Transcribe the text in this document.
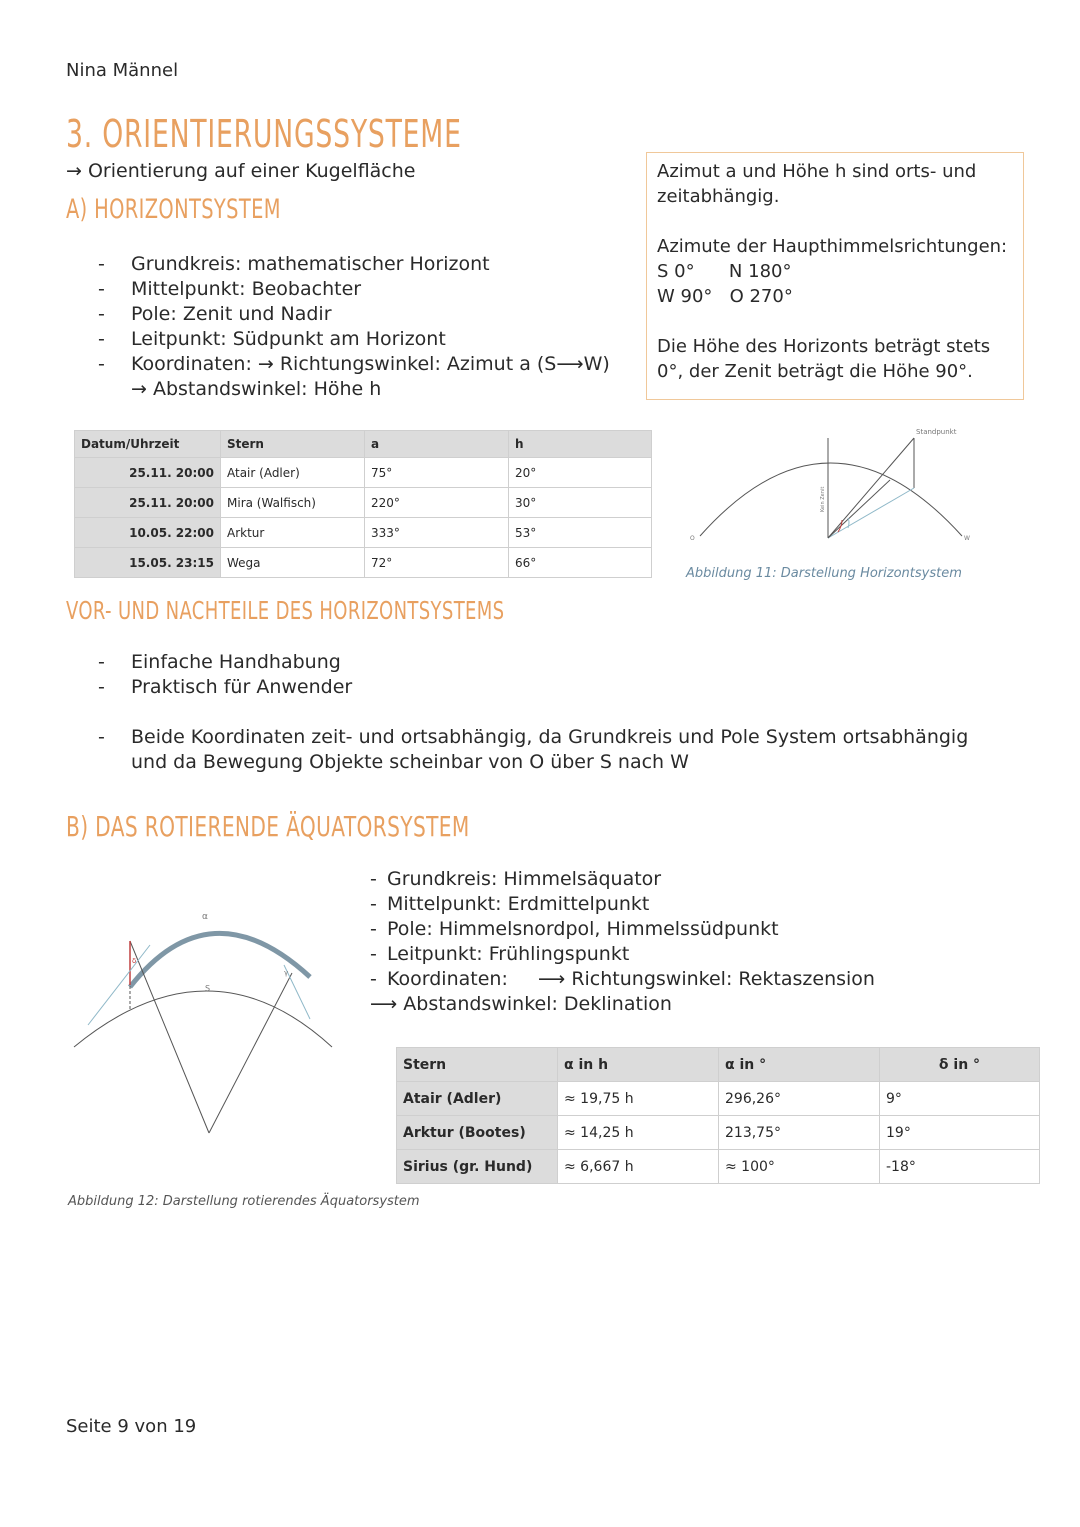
Nina Männel
3. ORIENTIERUNGSSYSTEME
→ Orientierung auf einer Kugelfläche
A) HORIZONTSYSTEM
- Grundkreis: mathematischer Horizont
- Mittelpunkt: Beobachter
- Pole: Zenit und Nadir
- Leitpunkt: Südpunkt am Horizont
- Koordinaten: → Richtungswinkel: Azimut a (S⟶W)
→ Abstandswinkel: Höhe h

Azimut a und Höhe h sind orts- und zeitabhängig.

Azimute der Haupthimmelsrichtungen:
S 0°      N 180°
W 90°   O 270°
Die Höhe des Horizonts beträgt stets 0°, der Zenit beträgt die Höhe 90°.
Datum/Uhrzeit	Stern	a	h
25.11. 20:00	Atair (Adler)	75°	20°
25.11. 20:00	Mira (Walfisch)	220°	30°
10.05. 22:00	Arktur	333°	53°
15.05. 23:15	Wega	72°	66°
Standpunkt
O	W
Kein Zenit
Abbildung 11: Darstellung Horizontsystem
VOR- UND NACHTEILE DES HORIZONTSYSTEMS
- Einfache Handhabung
- Praktisch für Anwender
- Beide Koordinaten zeit- und ortsabhängig, da Grundkreis und Pole System ortsabhängig und da Bewegung Objekte scheinbar von O über S nach W
B) DAS ROTIERENDE ÄQUATORSYSTEM
α
S
δ
γ
Abbildung 12: Darstellung rotierendes Äquatorsystem
- Grundkreis: Himmelsäquator
- Mittelpunkt: Erdmittelpunkt
- Pole: Himmelsnordpol, Himmelssüdpunkt
- Leitpunkt: Frühlingspunkt
- Koordinaten:     ⟶ Richtungswinkel: Rektaszension
⟶ Abstandswinkel: Deklination
Stern	α in h	α in °	δ in °
Atair (Adler)	≈ 19,75 h	296,26°	9°
Arktur (Bootes)	≈ 14,25 h	213,75°	19°
Sirius (gr. Hund)	≈ 6,667 h	≈ 100°	-18°
Seite 9 von 19
